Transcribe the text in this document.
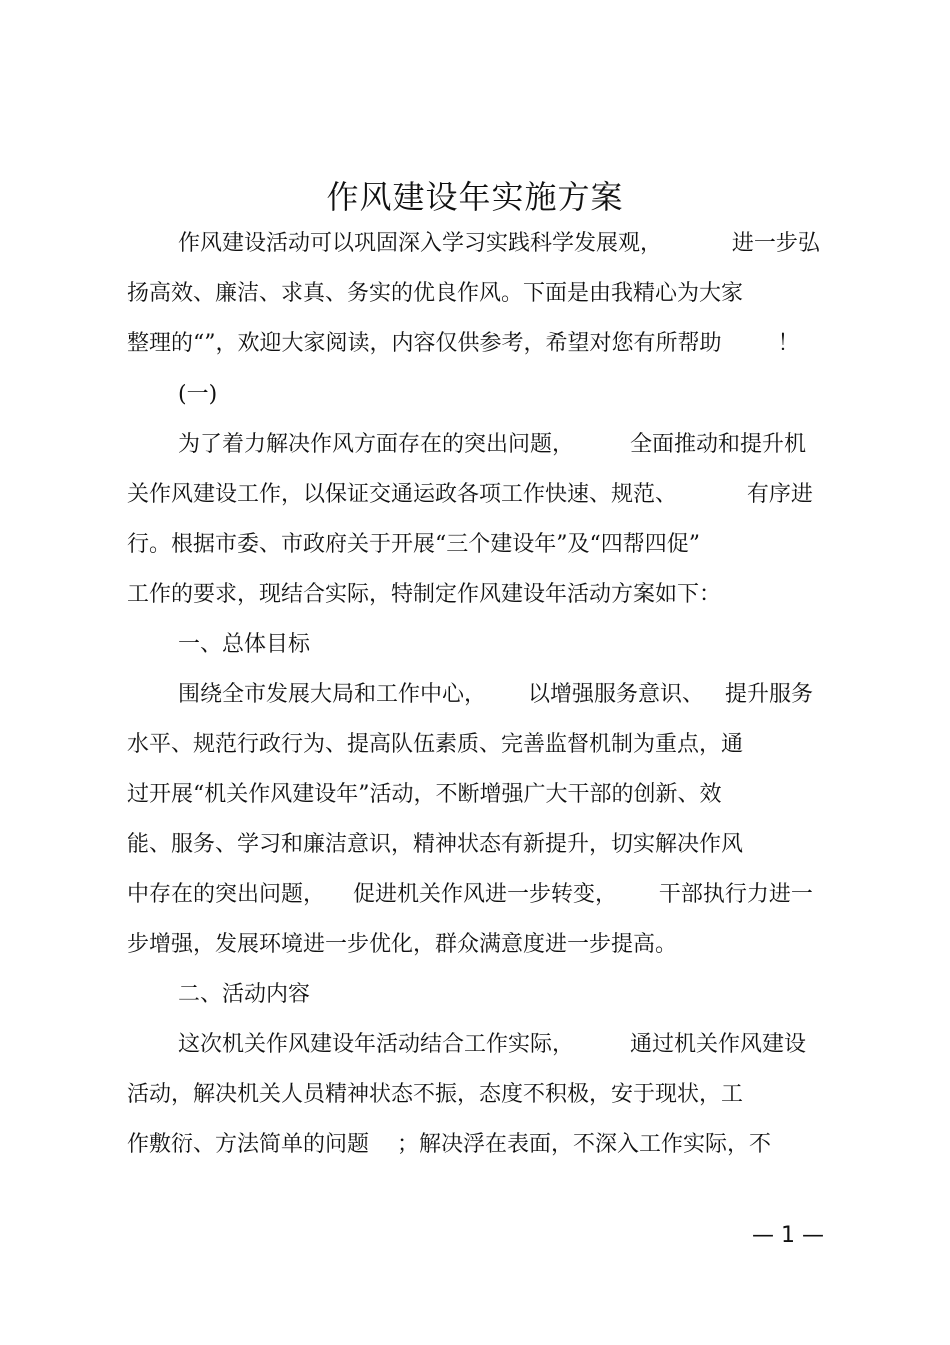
作风建设年实施方案

作风建设活动可以巩固深入学习实践科学发展观，          进一步弘

扬高效、廉洁、求真、务实的优良作风。下面是由我精心为大家

整理的“”，欢迎大家阅读，内容仅供参考，希望对您有所帮助        ！

(一)

为了着力解决作风方面存在的突出问题，        全面推动和提升机

关作风建设工作，以保证交通运政各项工作快速、规范、          有序进

行。根据市委、市政府关于开展“三个建设年”及“四帮四促”

工作的要求，现结合实际，特制定作风建设年活动方案如下：

一、总体目标

围绕全市发展大局和工作中心，      以增强服务意识、   提升服务

水平、规范行政行为、提高队伍素质、完善监督机制为重点，通

过开展“机关作风建设年”活动，不断增强广大干部的创新、效

能、服务、学习和廉洁意识，精神状态有新提升，切实解决作风

中存在的突出问题，    促进机关作风进一步转变，      干部执行力进一

步增强，发展环境进一步优化，群众满意度进一步提高。

二、活动内容

这次机关作风建设年活动结合工作实际，        通过机关作风建设

活动，解决机关人员精神状态不振，态度不积极，安于现状，工

作敷衍、方法简单的问题    ；解决浮在表面，不深入工作实际，不

— 1 —
